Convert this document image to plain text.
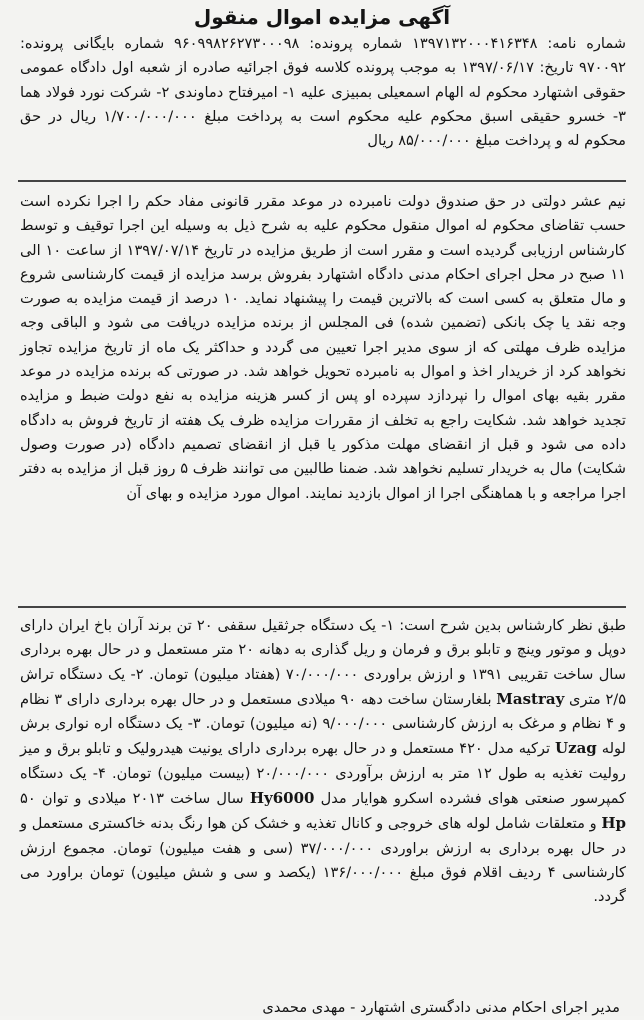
آگهی مزایده اموال منقول

شماره نامه: ۱۳۹۷۱۳۲۰۰۰۴۱۶۳۴۸ شماره پرونده: ۹۶۰۹۹۸۲۶۲۷۳۰۰۰۹۸ شماره بایگانی پرونده: ۹۷۰۰۹۲ تاریخ: ۱۳۹۷/۰۶/۱۷ به موجب پرونده کلاسه فوق اجرائیه صادره از شعبه اول دادگاه عمومی حقوقی اشتهارد محکوم له الهام اسمعیلی بمبیزی علیه ۱- امیرفتاح دماوندی ۲- شرکت نورد فولاد هما ۳- خسرو حقیقی اسبق محکوم علیه محکوم است به پرداخت مبلغ ۱/۷۰۰/۰۰۰/۰۰۰ ریال در حق محکوم له و پرداخت مبلغ ۸۵/۰۰۰/۰۰۰ ریال

نیم عشر دولتی در حق صندوق دولت نامبرده در موعد مقرر قانونی مفاد حکم را اجرا نکرده است حسب تقاضای محکوم له اموال منقول محکوم علیه به شرح ذیل به وسیله این اجرا توقیف و توسط کارشناس ارزیابی گردیده است و مقرر است از طریق مزایده در تاریخ ۱۳۹۷/۰۷/۱۴ از ساعت ۱۰ الی ۱۱ صبح در محل اجرای احکام مدنی دادگاه اشتهارد بفروش برسد مزایده از قیمت کارشناسی شروع و مال متعلق به کسی است که بالاترین قیمت را پیشنهاد نماید. ۱۰ درصد از قیمت مزایده به صورت وجه نقد یا چک بانکی (تضمین شده) فی المجلس از برنده مزایده دریافت می شود و الباقی وجه مزایده ظرف مهلتی که از سوی مدیر اجرا تعیین می گردد و حداکثر یک ماه از تاریخ مزایده تجاوز نخواهد کرد از خریدار اخذ و اموال به نامبرده تحویل خواهد شد. در صورتی که برنده مزایده در موعد مقرر بقیه بهای اموال را نپردازد سپرده او پس از کسر هزینه مزایده به نفع دولت ضبط و مزایده تجدید خواهد شد. شکایت راجع به تخلف از مقررات مزایده ظرف یک هفته از تاریخ فروش به دادگاه داده می شود و قبل از انقضای مهلت مذکور یا قبل از انقضای تصمیم دادگاه (در صورت وصول شکایت) مال به خریدار تسلیم نخواهد شد. ضمنا طالبین می توانند ظرف ۵ روز قبل از مزایده به دفتر اجرا مراجعه و با هماهنگی اجرا از اموال بازدید نمایند. اموال مورد مزایده و بهای آن

طبق نظر کارشناس بدین شرح است: ۱- یک دستگاه جرثقیل سقفی ۲۰ تن برند آران باخ ایران دارای دوپل و موتور وینچ و تابلو برق و فرمان و ریل گذاری به دهانه ۲۰ متر مستعمل و در حال بهره برداری سال ساخت تقریبی ۱۳۹۱ و ارزش براوردی ۷۰/۰۰۰/۰۰۰ (هفتاد میلیون) تومان. ۲- یک دستگاه تراش ۲/۵ متری Mastray بلغارستان ساخت دهه ۹۰ میلادی مستعمل و در حال بهره برداری دارای ۳ نظام و ۴ نظام و مرغک به ارزش کارشناسی ۹/۰۰۰/۰۰۰ (نه میلیون) تومان. ۳- یک دستگاه اره نواری برش لوله Uzag ترکیه مدل ۴۲۰ مستعمل و در حال بهره برداری دارای یونیت هیدرولیک و تابلو برق و میز رولیت تغذیه به طول ۱۲ متر به ارزش برآوردی ۲۰/۰۰۰/۰۰۰ (بیست میلیون) تومان. ۴- یک دستگاه کمپرسور صنعتی هوای فشرده اسکرو هوایار مدل Hy6000 سال ساخت ۲۰۱۳ میلادی و توان ۵۰ Hp و متعلقات شامل لوله های خروجی و کانال تغذیه و خشک کن هوا رنگ بدنه خاکستری مستعمل و در حال بهره برداری به ارزش براوردی ۳۷/۰۰۰/۰۰۰ (سی و هفت میلیون) تومان. مجموع ارزش کارشناسی ۴ ردیف اقلام فوق مبلغ ۱۳۶/۰۰۰/۰۰۰ (یکصد و سی و شش میلیون) تومان براورد می گردد.

مدیر اجرای احکام مدنی دادگستری اشتهارد - مهدی محمدی
